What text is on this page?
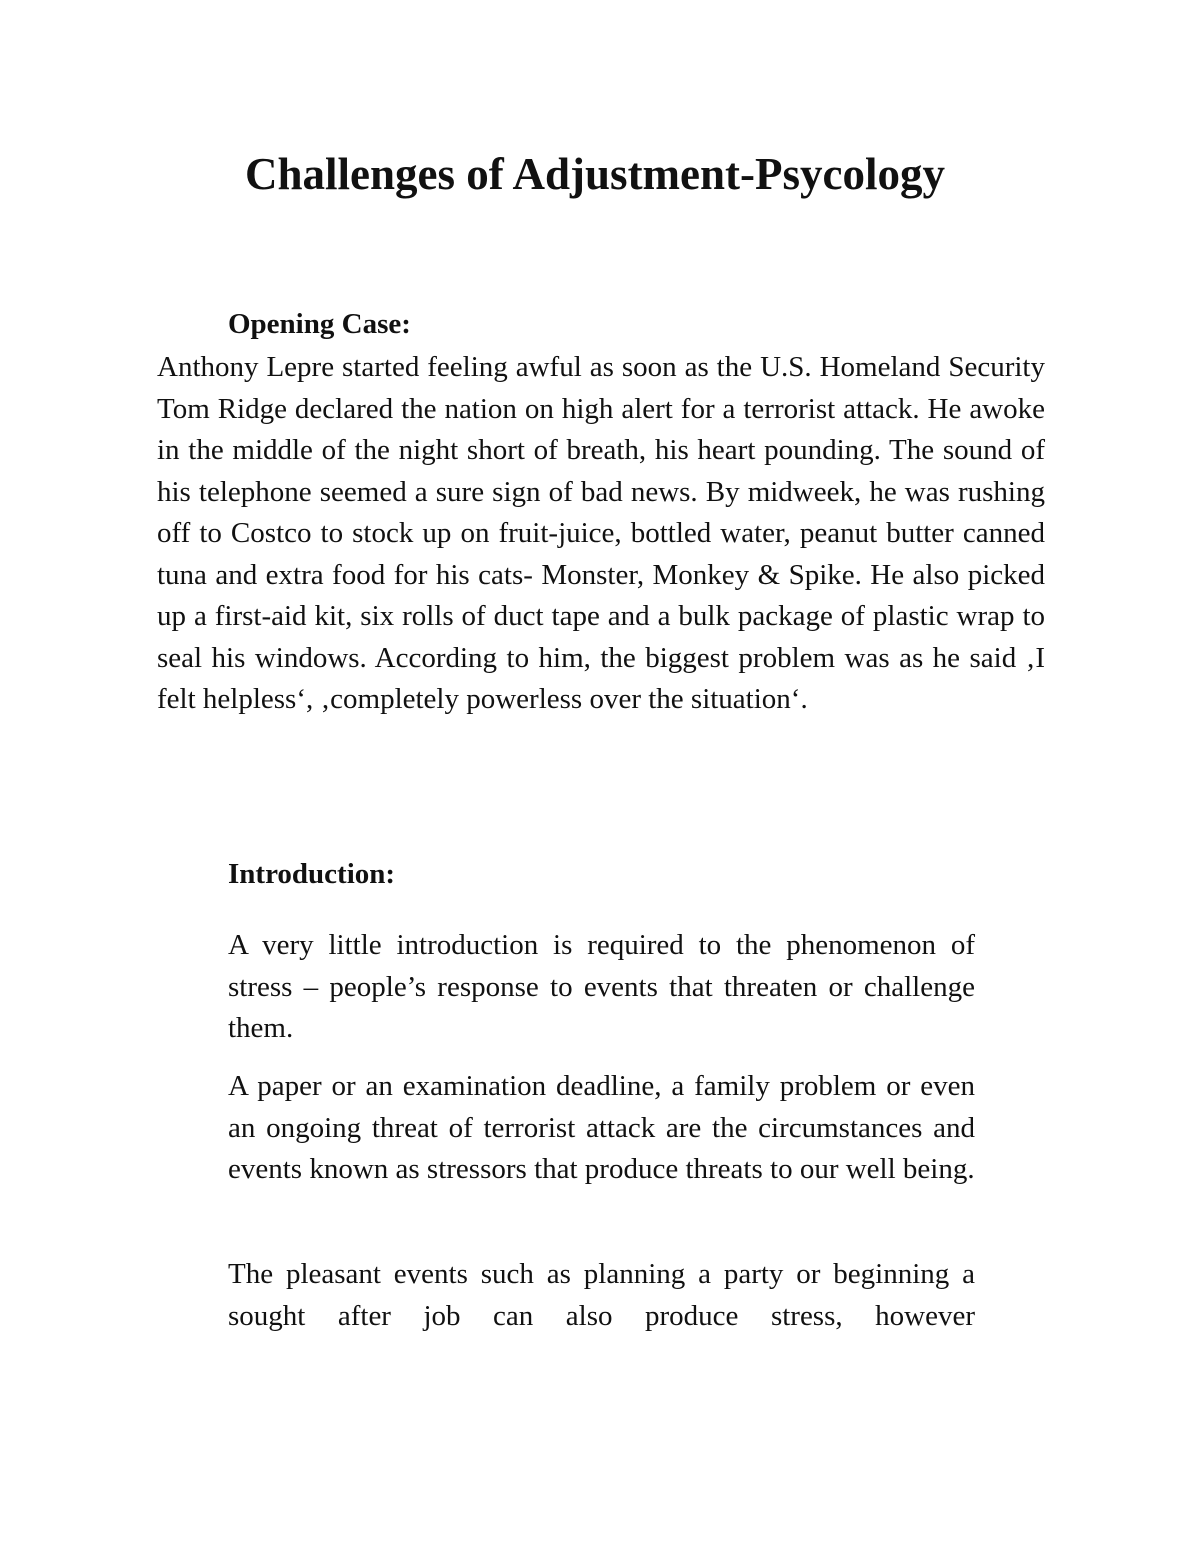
Challenges of Adjustment-Psycology
Opening Case:

Anthony Lepre started feeling awful as soon as the U.S. Homeland Security Tom Ridge declared the nation on high alert for a terrorist attack. He awoke in the middle of the night short of breath, his heart pounding. The sound of his telephone seemed a sure sign of bad news. By midweek, he was rushing off to Costco to stock up on fruit-juice, bottled water, peanut butter canned tuna and extra food for his cats- Monster, Monkey & Spike. He also picked up a first-aid kit, six rolls of duct tape and a bulk package of plastic wrap to seal his windows. According to him, the biggest problem was as he said ‚I felt helpless‘, ‚completely powerless over the situation‘.

Introduction:

A very little introduction is required to the phenomenon of stress – people’s response to events that threaten or challenge them.

A paper or an examination deadline, a family problem or even an ongoing threat of terrorist attack are the circumstances and events known as stressors that produce threats to our well being.

The pleasant events such as planning a party or beginning a sought after job can also produce stress, however
